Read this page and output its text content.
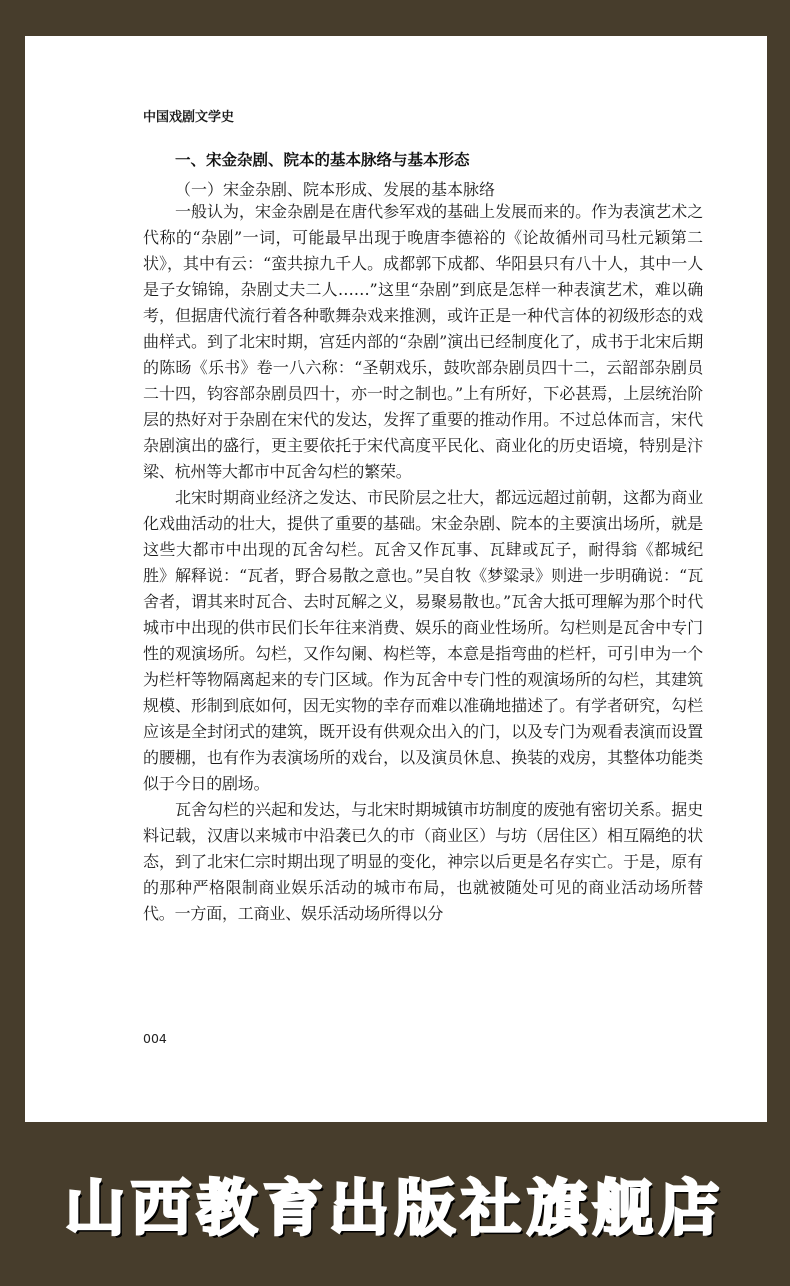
中国戏剧文学史

一、宋金杂剧、院本的基本脉络与基本形态

（一）宋金杂剧、院本形成、发展的基本脉络

一般认为，宋金杂剧是在唐代参军戏的基础上发展而来的。作为表演艺术之代称的“杂剧”一词，可能最早出现于晚唐李德裕的《论故循州司马杜元颖第二状》，其中有云：“蛮共掠九千人。成都郭下成都、华阳县只有八十人，其中一人是子女锦锦，杂剧丈夫二人……”这里“杂剧”到底是怎样一种表演艺术，难以确考，但据唐代流行着各种歌舞杂戏来推测，或许正是一种代言体的初级形态的戏曲样式。到了北宋时期，宫廷内部的“杂剧”演出已经制度化了，成书于北宋后期的陈旸《乐书》卷一八六称：“圣朝戏乐，鼓吹部杂剧员四十二，云韶部杂剧员二十四，钧容部杂剧员四十，亦一时之制也。”上有所好，下必甚焉，上层统治阶层的热好对于杂剧在宋代的发达，发挥了重要的推动作用。不过总体而言，宋代杂剧演出的盛行，更主要依托于宋代高度平民化、商业化的历史语境，特别是汴梁、杭州等大都市中瓦舍勾栏的繁荣。

北宋时期商业经济之发达、市民阶层之壮大，都远远超过前朝，这都为商业化戏曲活动的壮大，提供了重要的基础。宋金杂剧、院本的主要演出场所，就是这些大都市中出现的瓦舍勾栏。瓦舍又作瓦事、瓦肆或瓦子，耐得翁《都城纪胜》解释说：“瓦者，野合易散之意也。”吴自牧《梦粱录》则进一步明确说：“瓦舍者，谓其来时瓦合、去时瓦解之义，易聚易散也。”瓦舍大抵可理解为那个时代城市中出现的供市民们长年往来消费、娱乐的商业性场所。勾栏则是瓦舍中专门性的观演场所。勾栏，又作勾阑、构栏等，本意是指弯曲的栏杆，可引申为一个为栏杆等物隔离起来的专门区域。作为瓦舍中专门性的观演场所的勾栏，其建筑规模、形制到底如何，因无实物的幸存而难以准确地描述了。有学者研究，勾栏应该是全封闭式的建筑，既开设有供观众出入的门，以及专门为观看表演而设置的腰棚，也有作为表演场所的戏台，以及演员休息、换装的戏房，其整体功能类似于今日的剧场。

瓦舍勾栏的兴起和发达，与北宋时期城镇市坊制度的废弛有密切关系。据史料记载，汉唐以来城市中沿袭已久的市（商业区）与坊（居住区）相互隔绝的状态，到了北宋仁宗时期出现了明显的变化，神宗以后更是名存实亡。于是，原有的那种严格限制商业娱乐活动的城市布局，也就被随处可见的商业活动场所替代。一方面，工商业、娱乐活动场所得以分

004

山西教育出版社旗舰店
